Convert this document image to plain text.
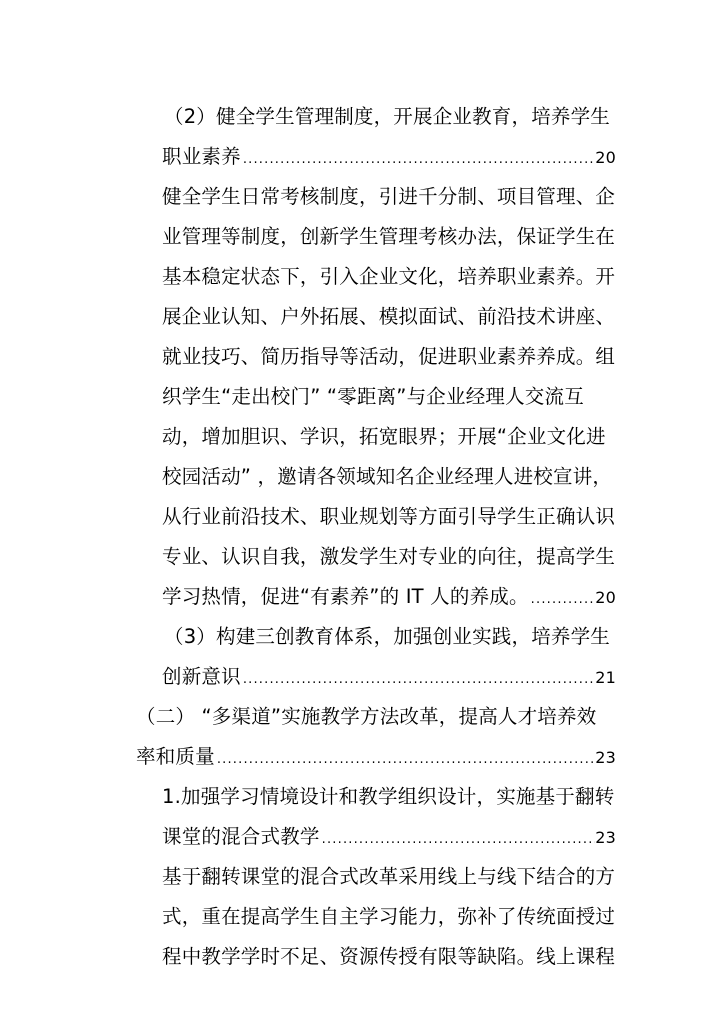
（2）健全学生管理制度，开展企业教育，培养学生
职业素养 .....	20
健全学生日常考核制度，引进千分制、项目管理、企
业管理等制度，创新学生管理考核办法，保证学生在
基本稳定状态下，引入企业文化，培养职业素养。开
展企业认知、户外拓展、模拟面试、前沿技术讲座、
就业技巧、简历指导等活动，促进职业素养养成。组
织学生“走出校门” “零距离”与企业经理人交流互
动，增加胆识、学识，拓宽眼界；开展“企业文化进
校园活动” ，邀请各领域知名企业经理人进校宣讲，
从行业前沿技术、职业规划等方面引导学生正确认识
专业、认识自我，激发学生对专业的向往，提高学生
学习热情，促进“有素养”的 IT 人的养成。 .....	20
（3）构建三创教育体系，加强创业实践，培养学生
创新意识 .....	21
（二） “多渠道”实施教学方法改革，提高人才培养效
率和质量 .....	23
1.加强学习情境设计和教学组织设计，实施基于翻转
课堂的混合式教学 .....	23
基于翻转课堂的混合式改革采用线上与线下结合的方
式，重在提高学生自主学习能力，弥补了传统面授过
程中教学学时不足、资源传授有限等缺陷。线上课程
